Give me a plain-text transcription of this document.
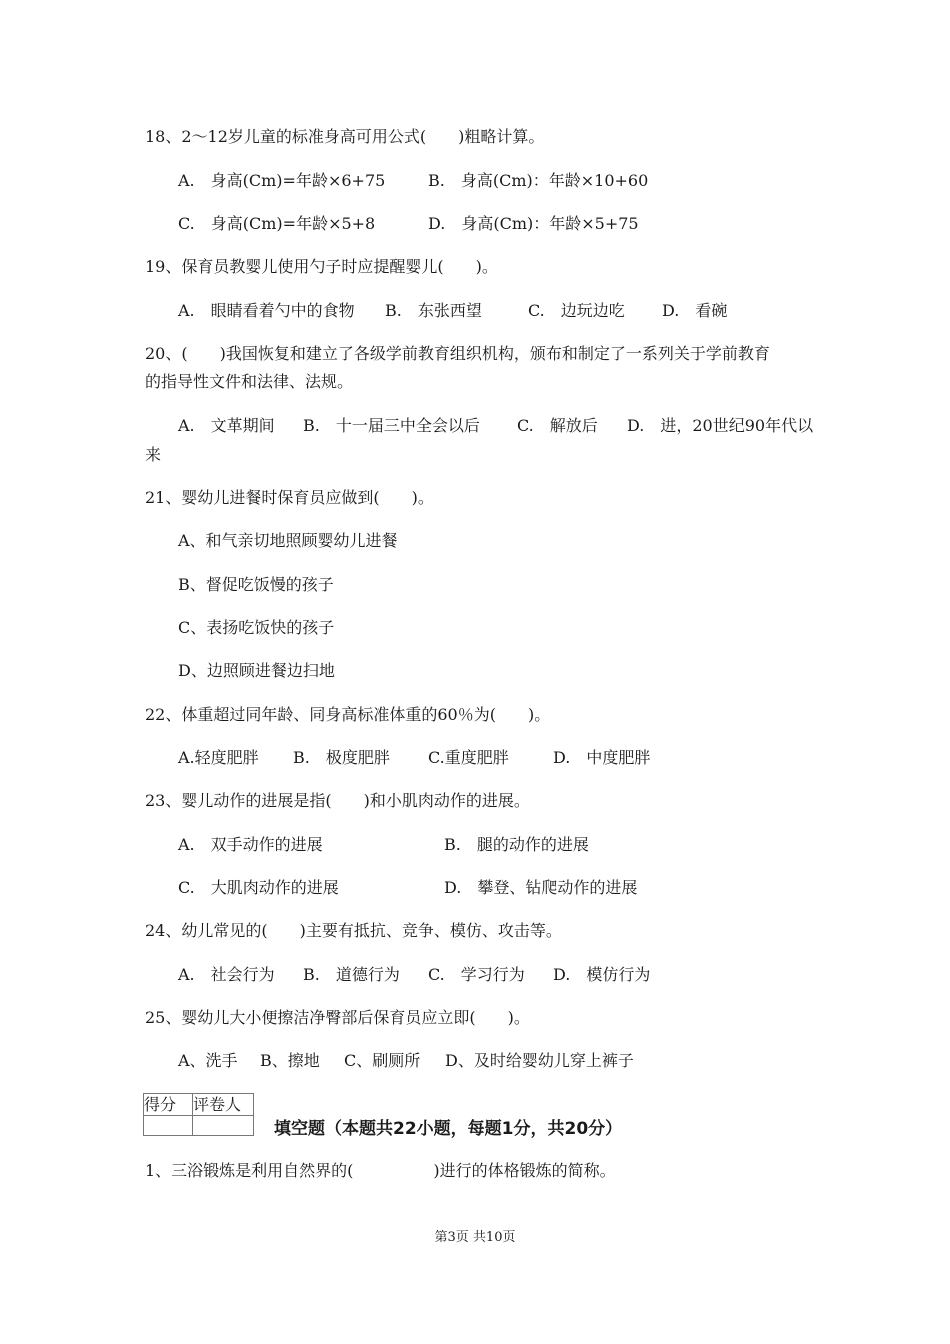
18、2～12岁儿童的标准身高可用公式(　　)粗略计算。
A.　身高(Cm)=年龄×6+75	B.　身高(Cm)：年龄×10+60
C.　身高(Cm)=年龄×5+8	D.　身高(Cm)：年龄×5+75
19、保育员教婴儿使用勺子时应提醒婴儿(　　)。
A.　眼睛看着勺中的食物 B.　东张西望	C.　边玩边吃 D.　看碗
20、(　　)我国恢复和建立了各级学前教育组织机构，颁布和制定了一系列关于学前教育
的指导性文件和法律、法规。
A.　文革期间 B.　十一届三中全会以后 C.　解放后 D.　进，20世纪90年代以
来
21、婴幼儿进餐时保育员应做到(　　)。
A、和气亲切地照顾婴幼儿进餐
B、督促吃饭慢的孩子
C、表扬吃饭快的孩子
D、边照顾进餐边扫地
22、体重超过同年龄、同身高标准体重的60％为(　　)。
A.轻度肥胖 B.　极度肥胖 C.重度肥胖	D.　中度肥胖
23、婴儿动作的进展是指(　　)和小肌肉动作的进展。
A.　双手动作的进展	B.　腿的动作的进展
C.　大肌肉动作的进展	D.　攀登、钻爬动作的进展
24、幼儿常见的(　　)主要有抵抗、竞争、模仿、攻击等。
A.　社会行为 B.　道德行为 C.　学习行为 D.　模仿行为
25、婴幼儿大小便擦洁净臀部后保育员应立即(　　)。
A、洗手 B、擦地 C、刷厕所 D、及时给婴幼儿穿上裤子
得分	评卷人

填空题（本题共22小题，每题1分，共20分）
1、三浴锻炼是利用自然界的(　　　　　)进行的体格锻炼的简称。
第3页 共10页
